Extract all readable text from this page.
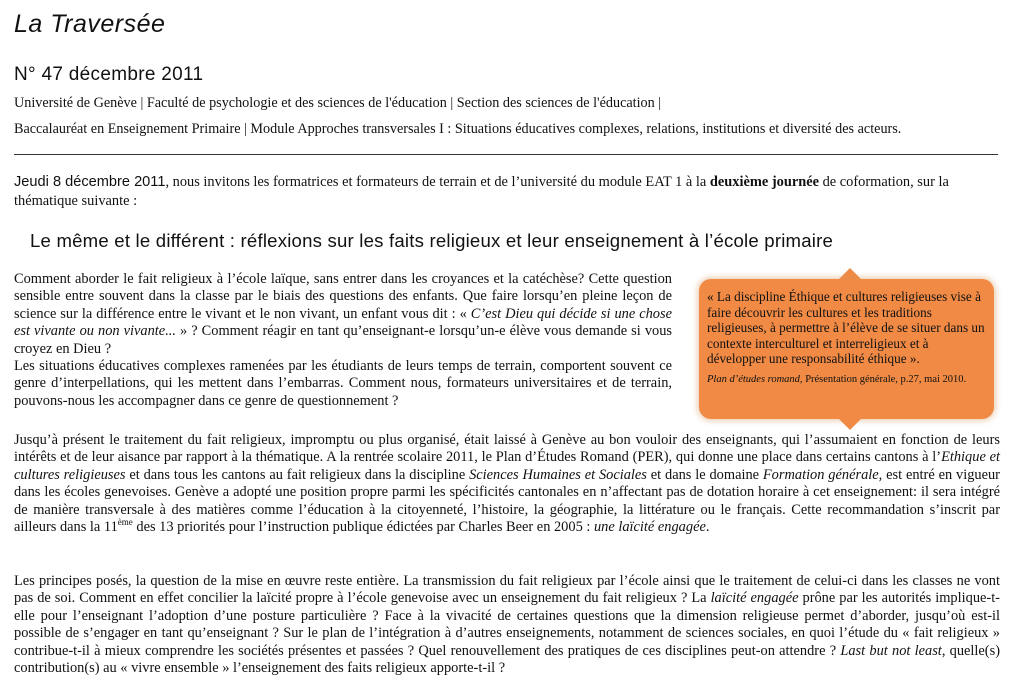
La Traversée
N° 47 décembre 2011
Université de Genève | Faculté de psychologie et des sciences de l'éducation | Section des sciences de l'éducation |
Baccalauréat en Enseignement Primaire | Module Approches transversales I : Situations éducatives complexes, relations, institutions et diversité des acteurs.
Jeudi 8 décembre 2011, nous invitons les formatrices et formateurs de terrain et de l’université du module EAT 1 à la deuxième journée de coformation, sur la thématique suivante :
Le même et le différent : réflexions sur les faits religieux et leur enseignement à l’école primaire

Comment aborder le fait religieux à l’école laïque, sans entrer dans les croyances et la catéchèse? Cette question sensible entre souvent dans la classe par le biais des questions des enfants. Que faire lorsqu’en pleine leçon de science sur la différence entre le vivant et le non vivant, un enfant vous dit : « C’est Dieu qui décide si une chose est vivante ou non vivante... » ? Comment réagir en tant qu’enseignant-e lorsqu’un-e élève vous demande si vous croyez en Dieu ?
Les situations éducatives complexes ramenées par les étudiants de leurs temps de terrain, comportent souvent ce genre d’interpellations, qui les mettent dans l’embarras. Comment nous, formateurs universitaires et de terrain, pouvons-nous les accompagner dans ce genre de questionnement ?

« La discipline Éthique et cultures religieuses vise à faire découvrir les cultures et les traditions religieuses, à permettre à l’élève de se situer dans un contexte interculturel et interreligieux et à développer une responsabilité éthique ».
Plan d’études romand, Présentation générale, p.27, mai 2010.

Jusqu’à présent le traitement du fait religieux, impromptu ou plus organisé, était laissé à Genève au bon vouloir des enseignants, qui l’assumaient en fonction de leurs intérêts et de leur aisance par rapport à la thématique. A la rentrée scolaire 2011, le Plan d’Études Romand (PER), qui donne une place dans certains cantons à l’Ethique et cultures religieuses et dans tous les cantons au fait religieux dans la discipline Sciences Humaines et Sociales et dans le domaine Formation générale, est entré en vigueur dans les écoles genevoises. Genève a adopté une position propre parmi les spécificités cantonales en n’affectant pas de dotation horaire à cet enseignement: il sera intégré de manière transversale à des matières comme l’éducation à la citoyenneté, l’histoire, la géographie, la littérature ou le français. Cette recommandation s’inscrit par ailleurs dans la 11ème des 13 priorités pour l’instruction publique édictées par Charles Beer en 2005 : une laïcité engagée.

Les principes posés, la question de la mise en œuvre reste entière. La transmission du fait religieux par l’école ainsi que le traitement de celui-ci dans les classes ne vont pas de soi. Comment en effet concilier la laïcité propre à l’école genevoise avec un enseignement du fait religieux ? La laïcité engagée prône par les autorités implique-t-elle pour l’enseignant l’adoption d’une posture particulière ? Face à la vivacité de certaines questions que la dimension religieuse permet d’aborder, jusqu’où est-il possible de s’engager en tant qu’enseignant ? Sur le plan de l’intégration à d’autres enseignements, notamment de sciences sociales, en quoi l’étude du « fait religieux » contribue-t-il à mieux comprendre les sociétés présentes et passées ? Quel renouvellement des pratiques de ces disciplines peut-on attendre ? Last but not least, quelle(s) contribution(s) au « vivre ensemble » l’enseignement des faits religieux apporte-t-il ?
